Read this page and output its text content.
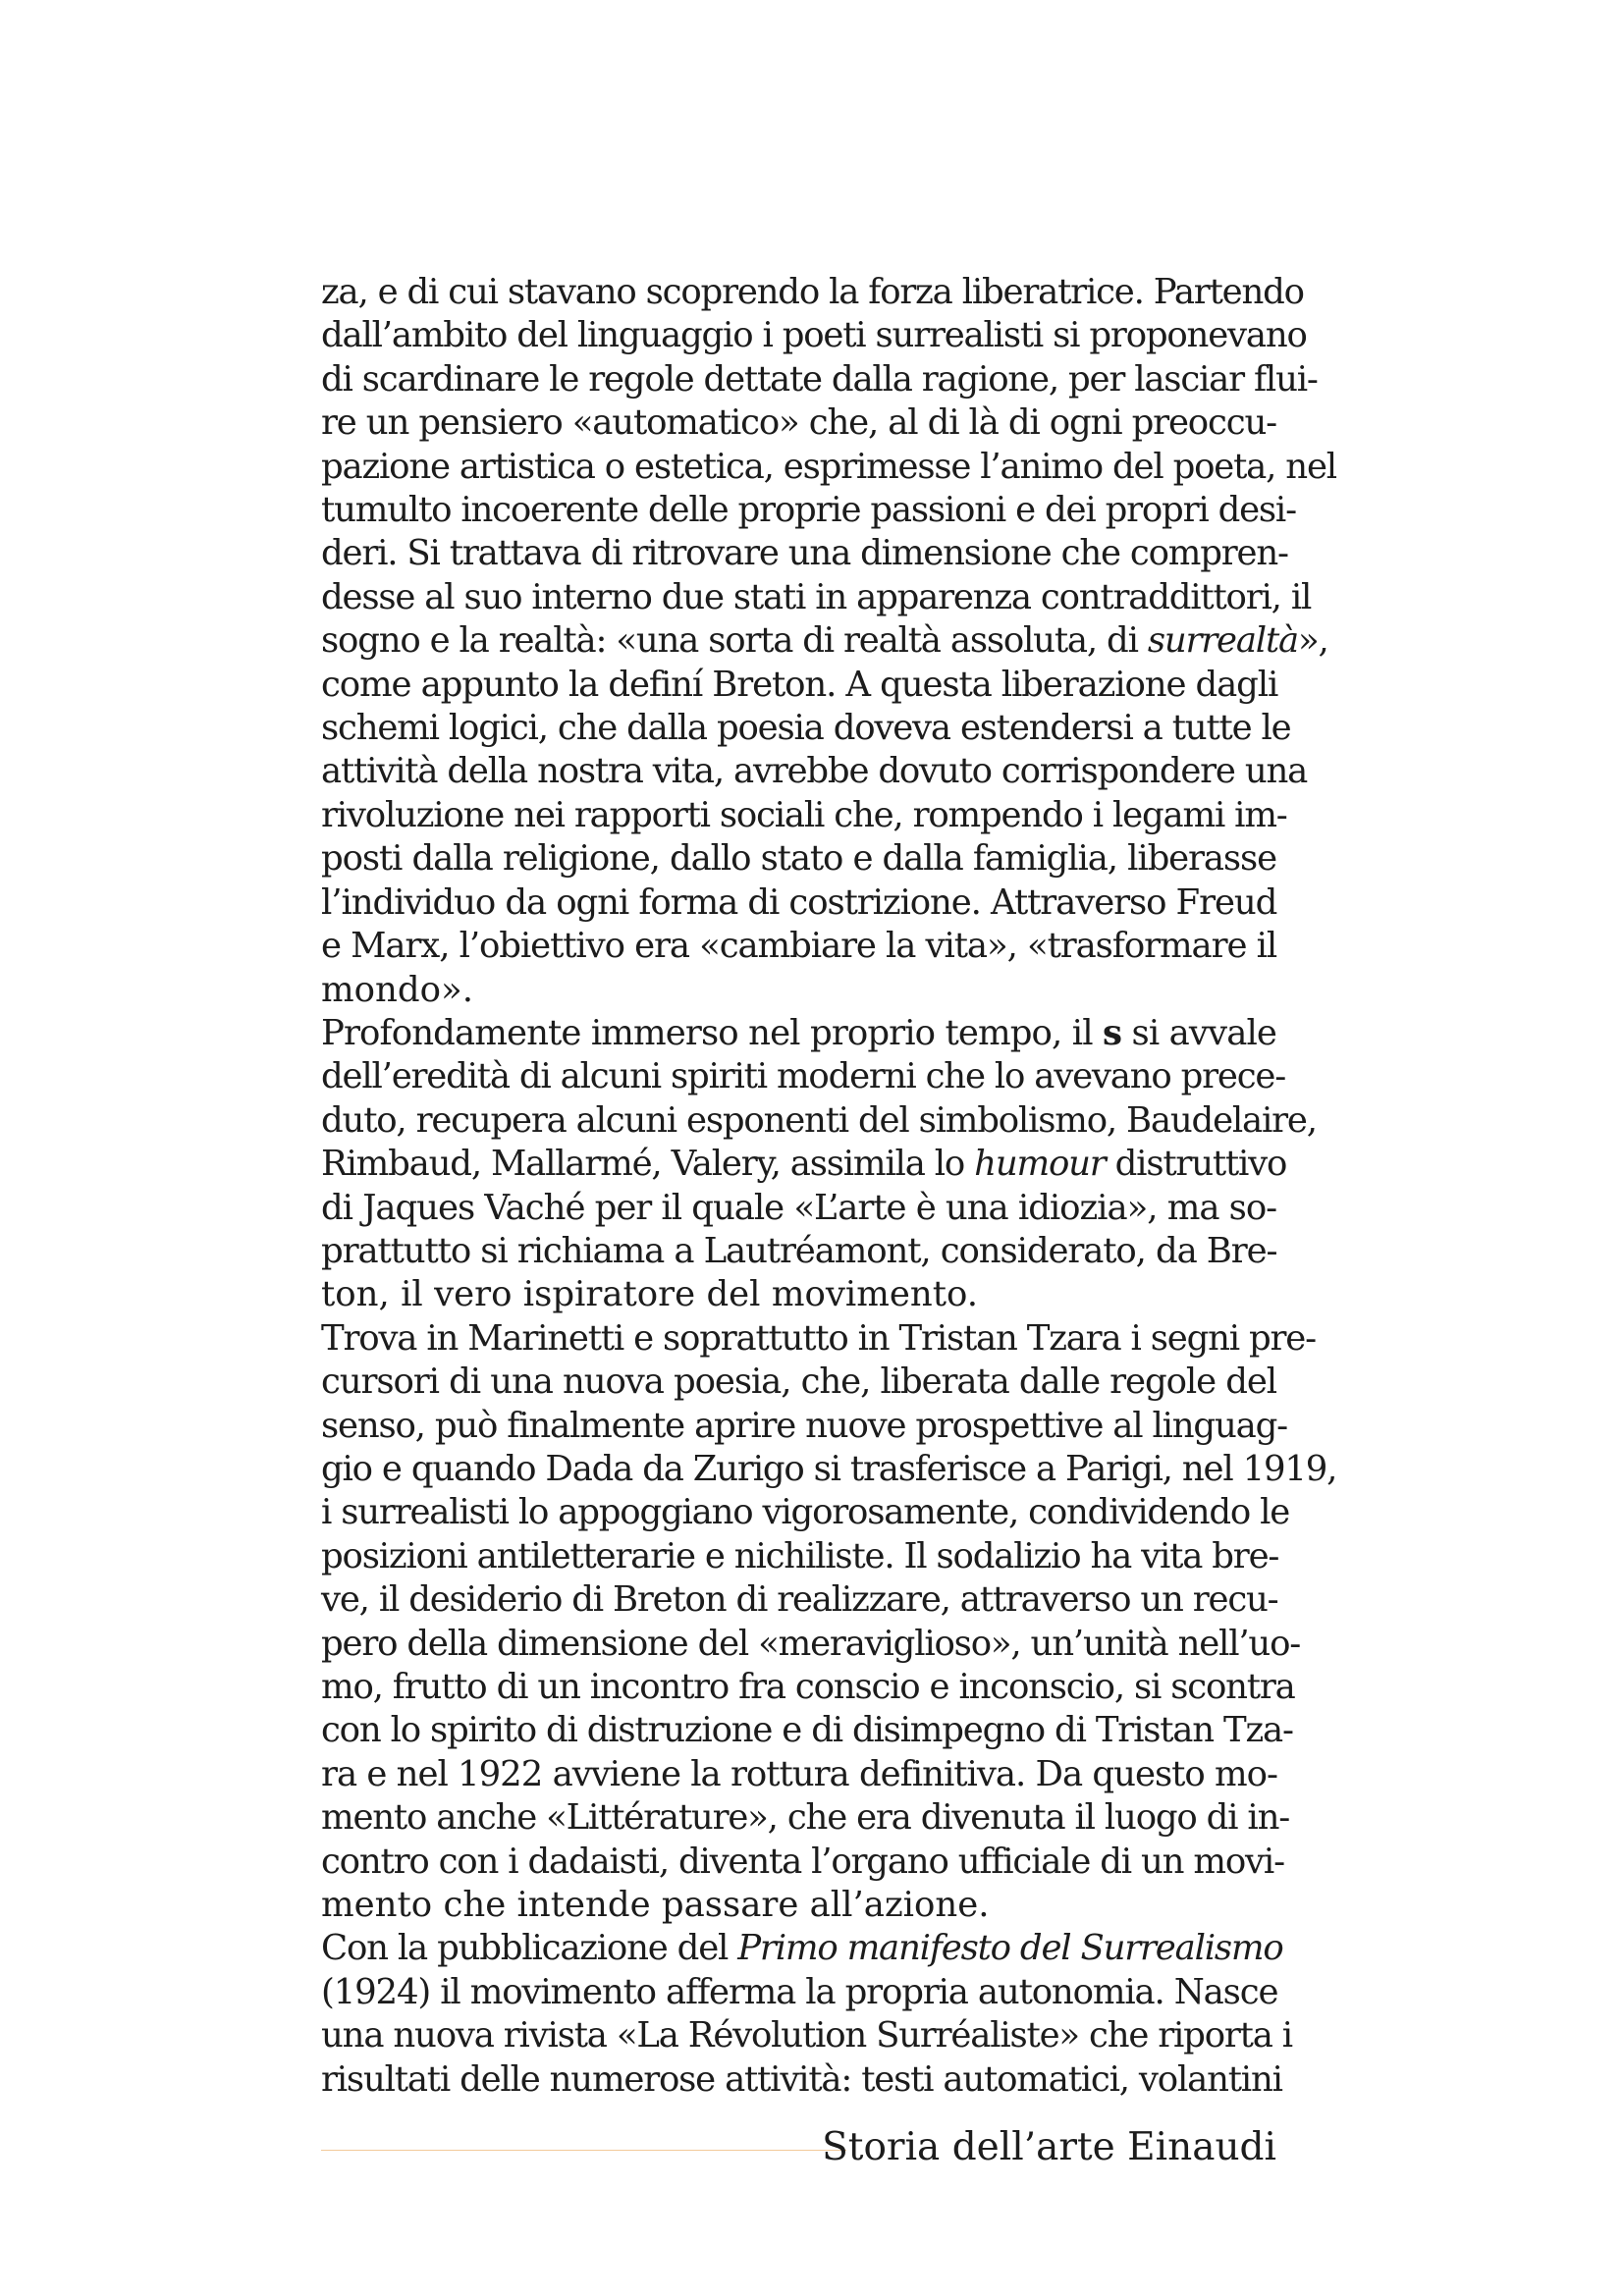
za, e di cui stavano scoprendo la forza liberatrice. Partendo
dall’ambito del linguaggio i poeti surrealisti si proponevano
di scardinare le regole dettate dalla ragione, per lasciar flui-
re un pensiero «automatico» che, al di là di ogni preoccu-
pazione artistica o estetica, esprimesse l’animo del poeta, nel
tumulto incoerente delle proprie passioni e dei propri desi-
deri. Si trattava di ritrovare una dimensione che compren-
desse al suo interno due stati in apparenza contraddittori, il
sogno e la realtà: «una sorta di realtà assoluta, di surrealtà»,
come appunto la definí Breton. A questa liberazione dagli
schemi logici, che dalla poesia doveva estendersi a tutte le
attività della nostra vita, avrebbe dovuto corrispondere una
rivoluzione nei rapporti sociali che, rompendo i legami im-
posti dalla religione, dallo stato e dalla famiglia, liberasse
l’individuo da ogni forma di costrizione. Attraverso Freud
e Marx, l’obiettivo era «cambiare la vita», «trasformare il
mondo».
Profondamente immerso nel proprio tempo, il s si avvale
dell’eredità di alcuni spiriti moderni che lo avevano prece-
duto, recupera alcuni esponenti del simbolismo, Baudelaire,
Rimbaud, Mallarmé, Valery, assimila lo humour distruttivo
di Jaques Vaché per il quale «L’arte è una idiozia», ma so-
prattutto si richiama a Lautréamont, considerato, da Bre-
ton, il vero ispiratore del movimento.
Trova in Marinetti e soprattutto in Tristan Tzara i segni pre-
cursori di una nuova poesia, che, liberata dalle regole del
senso, può finalmente aprire nuove prospettive al linguag-
gio e quando Dada da Zurigo si trasferisce a Parigi, nel 1919,
i surrealisti lo appoggiano vigorosamente, condividendo le
posizioni antiletterarie e nichiliste. Il sodalizio ha vita bre-
ve, il desiderio di Breton di realizzare, attraverso un recu-
pero della dimensione del «meraviglioso», un’unità nell’uo-
mo, frutto di un incontro fra conscio e inconscio, si scontra
con lo spirito di distruzione e di disimpegno di Tristan Tza-
ra e nel 1922 avviene la rottura definitiva. Da questo mo-
mento anche «Littérature», che era divenuta il luogo di in-
contro con i dadaisti, diventa l’organo ufficiale di un movi-
mento che intende passare all’azione.
Con la pubblicazione del Primo manifesto del Surrealismo
(1924) il movimento afferma la propria autonomia. Nasce
una nuova rivista «La Révolution Surréaliste» che riporta i
risultati delle numerose attività: testi automatici, volantini
Storia dell’arte Einaudi
